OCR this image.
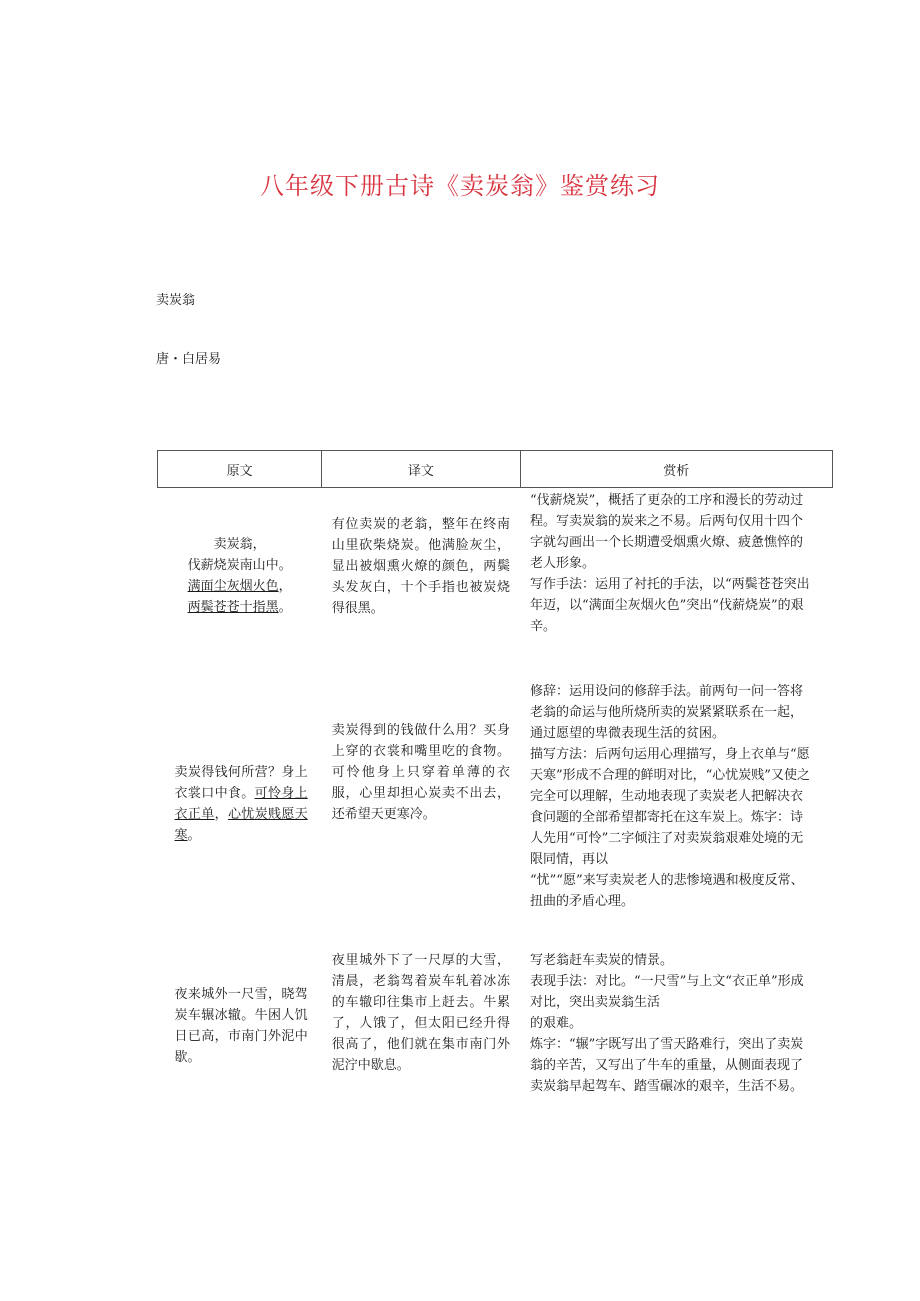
八年级下册古诗《卖炭翁》鉴赏练习
卖炭翁
唐・白居易
原文	译文	赏析

卖炭翁，
伐薪烧炭南山中。
满面尘灰烟火色，
两鬓苍苍十指黑。	有位卖炭的老翁，整年在终南山里砍柴烧炭。他满脸灰尘，显出被烟熏火燎的颜色，两鬓头发灰白，十个手指也被炭烧得很黑。	“伐薪烧炭”，概括了更杂的工序和漫长的劳动过程。写卖炭翁的炭来之不易。后两句仅用十四个字就勾画出一个长期遭受烟熏火燎、疲惫憔悴的老人形象。
写作手法：运用了衬托的手法，以“两鬓苍苍突出年迈，以“满面尘灰烟火色”突出“伐薪烧炭”的艰辛。

卖炭得钱何所营？身上衣裳口中食。可怜身上衣正单，心忧炭贱愿天寒。	卖炭得到的钱做什么用？买身上穿的衣裳和嘴里吃的食物。可怜他身上只穿着单薄的衣服，心里却担心炭卖不出去，还希望天更寒冷。	修辞：运用设问的修辞手法。前两句一问一答将老翁的命运与他所烧所卖的炭紧紧联系在一起，通过愿望的卑微表现生活的贫困。
描写方法：后两句运用心理描写，身上衣单与“愿天寒”形成不合理的鲜明对比，“心忧炭贱”又使之完全可以理解，生动地表现了卖炭老人把解决衣食问题的全部希望都寄托在这车炭上。炼字：诗人先用“可怜”二字倾注了对卖炭翁艰难处境的无限同情，再以
“忧”“愿”来写卖炭老人的悲惨境遇和极度反常、扭曲的矛盾心理。

夜来城外一尺雪，晓驾炭车辗冰辙。牛困人饥日已高，市南门外泥中歇。	夜里城外下了一尺厚的大雪，清晨，老翁驾着炭车轧着冰冻的车辙印往集市上赶去。牛累了，人饿了，但太阳已经升得很高了，他们就在集市南门外泥泞中歇息。	写老翁赶车卖炭的情景。
表现手法：对比。“一尺雪”与上文“衣正单”形成对比，突出卖炭翁生活
的艰难。
炼字：“辗”字既写出了雪天路难行，突出了卖炭翁的辛苦，又写出了牛车的重量，从侧面表现了卖炭翁早起驾车、踏雪碾冰的艰辛，生活不易。
